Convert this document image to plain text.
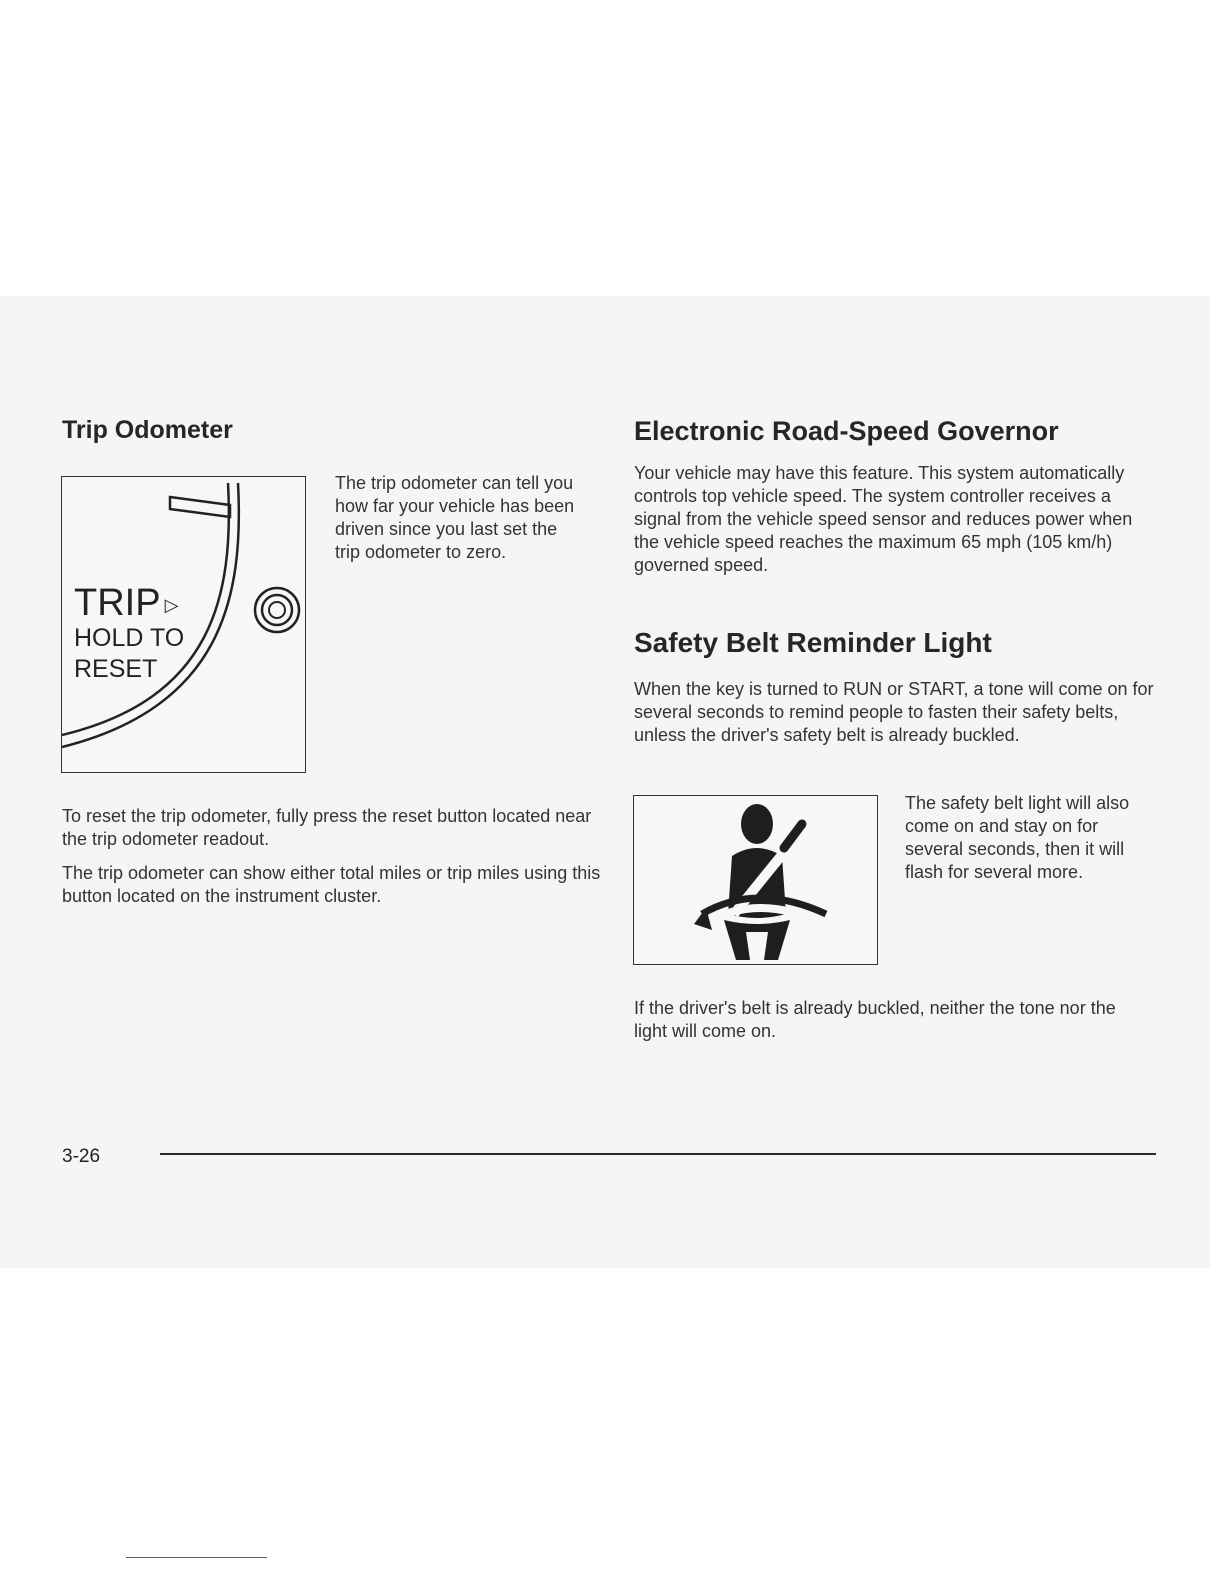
Trip Odometer
TRIP ▷
HOLD TO
RESET

The trip odometer can tell you how far your vehicle has been driven since you last set the trip odometer to zero.

To reset the trip odometer, fully press the reset button located near the trip odometer readout.

The trip odometer can show either total miles or trip miles using this button located on the instrument cluster.

Electronic Road-Speed Governor

Your vehicle may have this feature. This system automatically controls top vehicle speed. The system controller receives a signal from the vehicle speed sensor and reduces power when the vehicle speed reaches the maximum 65 mph (105 km/h) governed speed.

Safety Belt Reminder Light

When the key is turned to RUN or START, a tone will come on for several seconds to remind people to fasten their safety belts, unless the driver's safety belt is already buckled.

The safety belt light will also come on and stay on for several seconds, then it will flash for several more.

If the driver's belt is already buckled, neither the tone nor the light will come on.

3-26
